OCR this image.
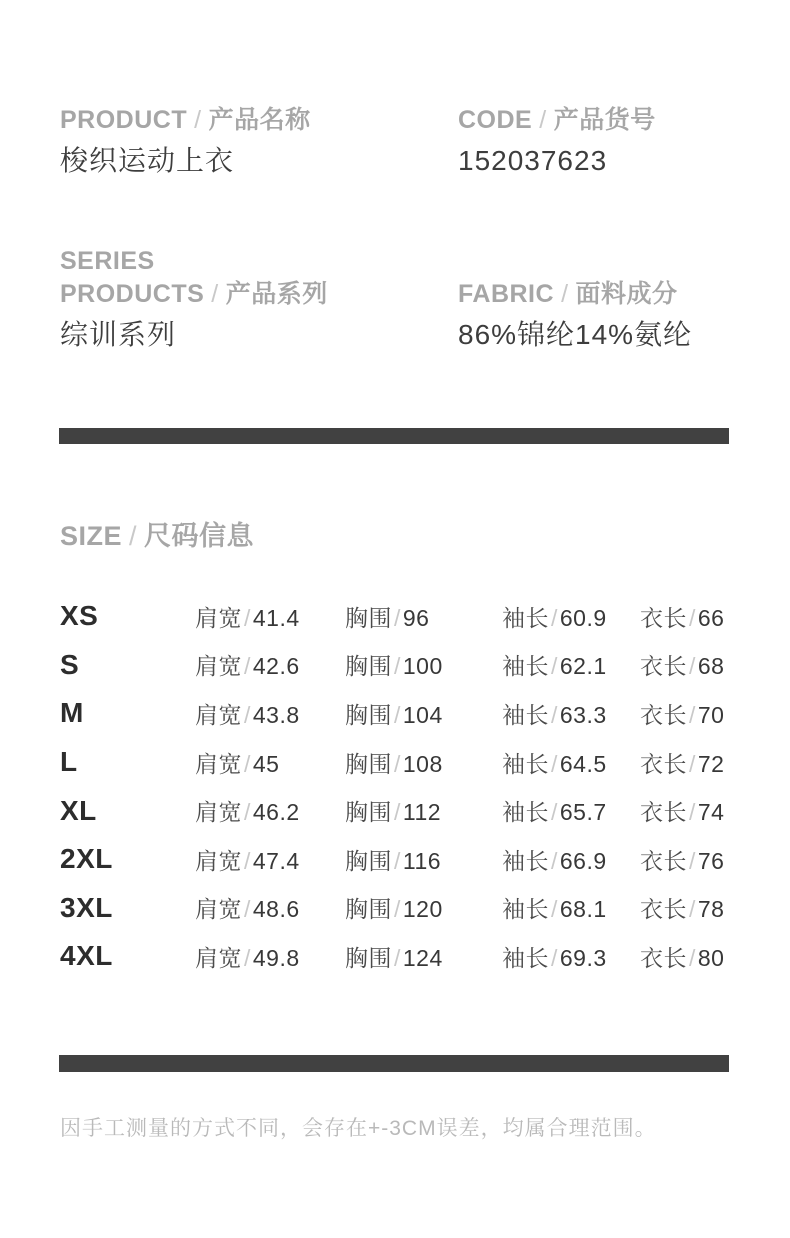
PRODUCT / 产品名称
梭织运动上衣
CODE / 产品货号
152037623
SERIES
PRODUCTS / 产品系列
综训系列
FABRIC / 面料成分
86%锦纶14%氨纶
SIZE / 尺码信息
XS	肩宽/41.4	胸围/96	袖长/60.9	衣长/66
S	肩宽/42.6	胸围/100	袖长/62.1	衣长/68
M	肩宽/43.8	胸围/104	袖长/63.3	衣长/70
L	肩宽/45	胸围/108	袖长/64.5	衣长/72
XL	肩宽/46.2	胸围/112	袖长/65.7	衣长/74
2XL	肩宽/47.4	胸围/116	袖长/66.9	衣长/76
3XL	肩宽/48.6	胸围/120	袖长/68.1	衣长/78
4XL	肩宽/49.8	胸围/124	袖长/69.3	衣长/80

因手工测量的方式不同，会存在+-3CM误差，均属合理范围。
